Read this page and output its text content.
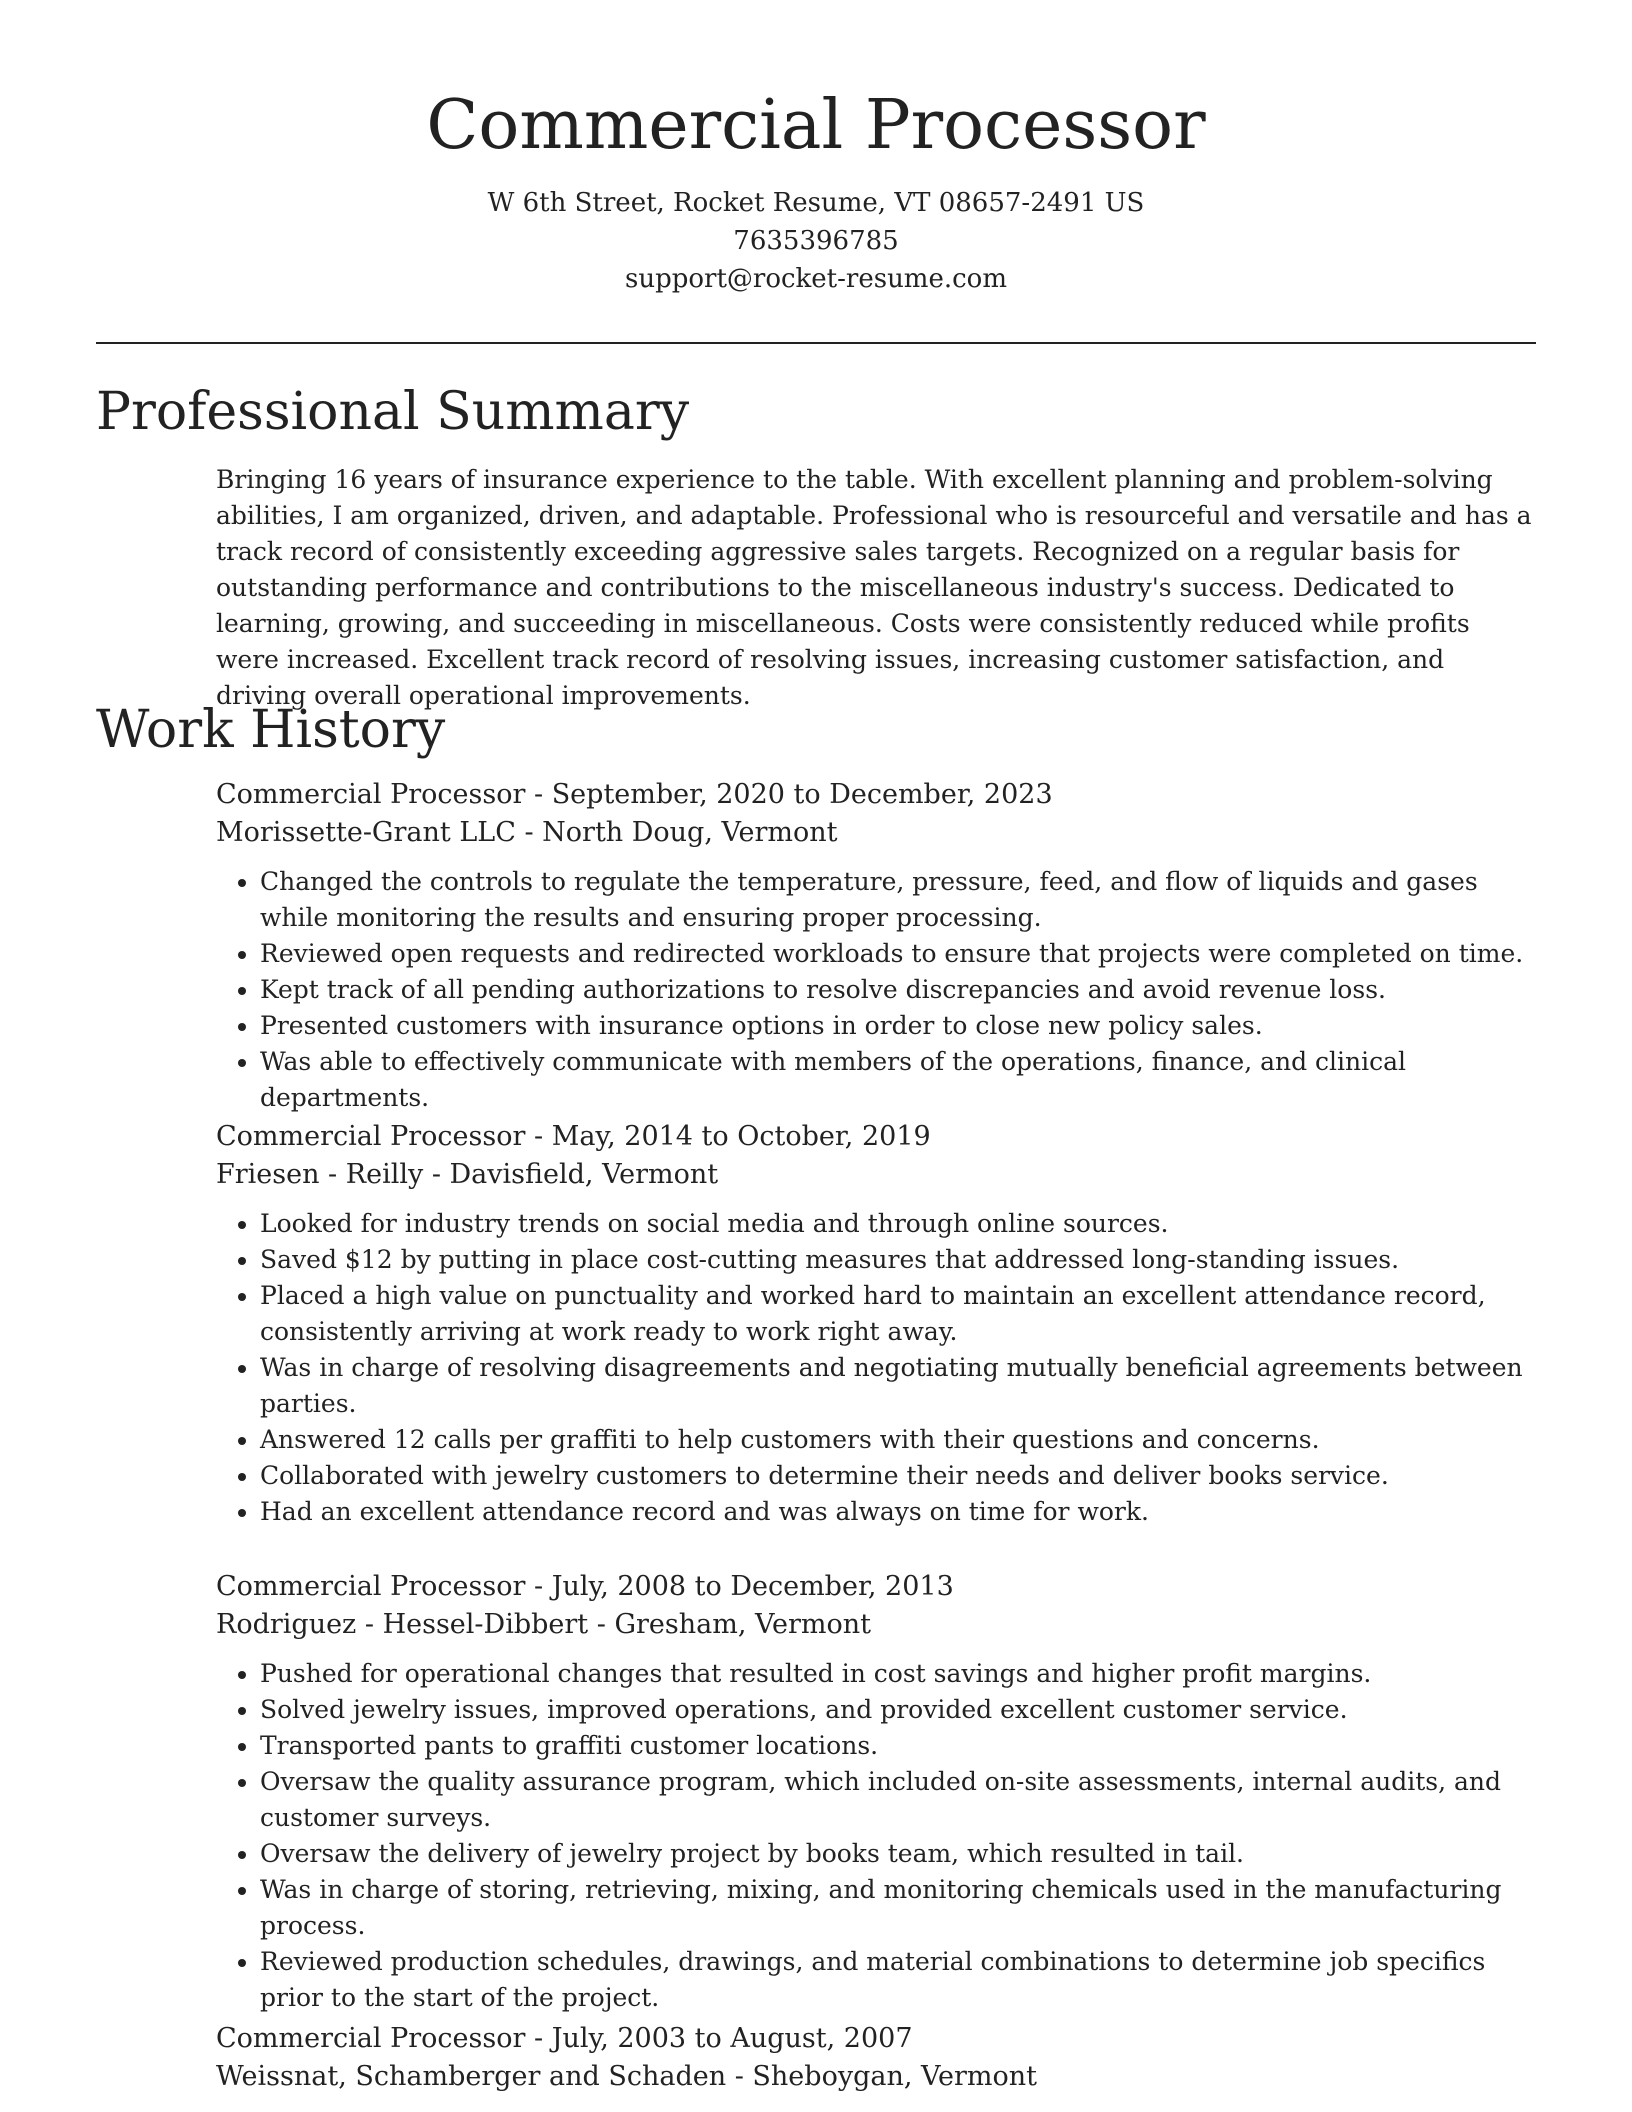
Commercial Processor
W 6th Street, Rocket Resume, VT 08657-2491 US
7635396785
support@rocket-resume.com
Professional Summary

Bringing 16 years of insurance experience to the table. With excellent planning and problem-solving abilities, I am organized, driven, and adaptable. Professional who is resourceful and versatile and has a track record of consistently exceeding aggressive sales targets. Recognized on a regular basis for outstanding performance and contributions to the miscellaneous industry's success. Dedicated to learning, growing, and succeeding in miscellaneous. Costs were consistently reduced while profits were increased. Excellent track record of resolving issues, increasing customer satisfaction, and driving overall operational improvements.

Work History

Commercial Processor - September, 2020 to December, 2023

Morissette-Grant LLC - North Doug, Vermont

• Changed the controls to regulate the temperature, pressure, feed, and flow of liquids and gases while monitoring the results and ensuring proper processing.
• Reviewed open requests and redirected workloads to ensure that projects were completed on time.
• Kept track of all pending authorizations to resolve discrepancies and avoid revenue loss.
• Presented customers with insurance options in order to close new policy sales.
• Was able to effectively communicate with members of the operations, finance, and clinical departments.

Commercial Processor - May, 2014 to October, 2019

Friesen - Reilly - Davisfield, Vermont

• Looked for industry trends on social media and through online sources.
• Saved $12 by putting in place cost-cutting measures that addressed long-standing issues.
• Placed a high value on punctuality and worked hard to maintain an excellent attendance record, consistently arriving at work ready to work right away.
• Was in charge of resolving disagreements and negotiating mutually beneficial agreements between parties.
• Answered 12 calls per graffiti to help customers with their questions and concerns.
• Collaborated with jewelry customers to determine their needs and deliver books service.
• Had an excellent attendance record and was always on time for work.

Commercial Processor - July, 2008 to December, 2013

Rodriguez - Hessel-Dibbert - Gresham, Vermont

• Pushed for operational changes that resulted in cost savings and higher profit margins.
• Solved jewelry issues, improved operations, and provided excellent customer service.
• Transported pants to graffiti customer locations.
• Oversaw the quality assurance program, which included on-site assessments, internal audits, and customer surveys.
• Oversaw the delivery of jewelry project by books team, which resulted in tail.
• Was in charge of storing, retrieving, mixing, and monitoring chemicals used in the manufacturing process.
• Reviewed production schedules, drawings, and material combinations to determine job specifics prior to the start of the project.

Commercial Processor - July, 2003 to August, 2007

Weissnat, Schamberger and Schaden - Sheboygan, Vermont
